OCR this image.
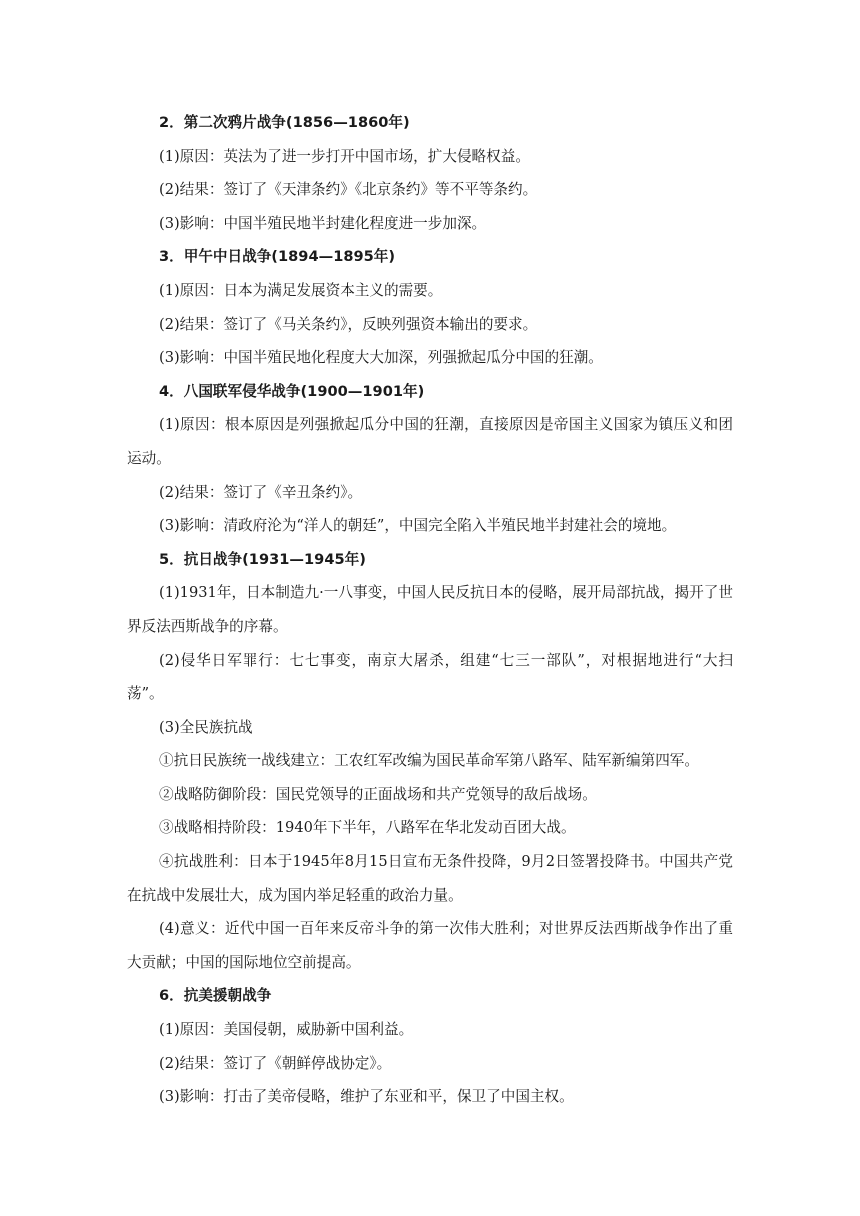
2．第二次鸦片战争(1856—1860年)

(1)原因：英法为了进一步打开中国市场，扩大侵略权益。

(2)结果：签订了《天津条约》《北京条约》等不平等条约。

(3)影响：中国半殖民地半封建化程度进一步加深。

3．甲午中日战争(1894—1895年)

(1)原因：日本为满足发展资本主义的需要。

(2)结果：签订了《马关条约》，反映列强资本输出的要求。

(3)影响：中国半殖民地化程度大大加深，列强掀起瓜分中国的狂潮。

4．八国联军侵华战争(1900—1901年)

(1)原因：根本原因是列强掀起瓜分中国的狂潮，直接原因是帝国主义国家为镇压义和团运动。

(2)结果：签订了《辛丑条约》。

(3)影响：清政府沦为“洋人的朝廷”，中国完全陷入半殖民地半封建社会的境地。

5．抗日战争(1931—1945年)

(1)1931年，日本制造九·一八事变，中国人民反抗日本的侵略，展开局部抗战，揭开了世界反法西斯战争的序幕。

(2)侵华日军罪行：七七事变，南京大屠杀，组建“七三一部队”，对根据地进行“大扫荡”。

(3)全民族抗战

①抗日民族统一战线建立：工农红军改编为国民革命军第八路军、陆军新编第四军。

②战略防御阶段：国民党领导的正面战场和共产党领导的敌后战场。

③战略相持阶段：1940年下半年，八路军在华北发动百团大战。

④抗战胜利：日本于1945年8月15日宣布无条件投降，9月2日签署投降书。中国共产党在抗战中发展壮大，成为国内举足轻重的政治力量。

(4)意义：近代中国一百年来反帝斗争的第一次伟大胜利；对世界反法西斯战争作出了重大贡献；中国的国际地位空前提高。

6．抗美援朝战争

(1)原因：美国侵朝，威胁新中国利益。

(2)结果：签订了《朝鲜停战协定》。

(3)影响：打击了美帝侵略，维护了东亚和平，保卫了中国主权。
